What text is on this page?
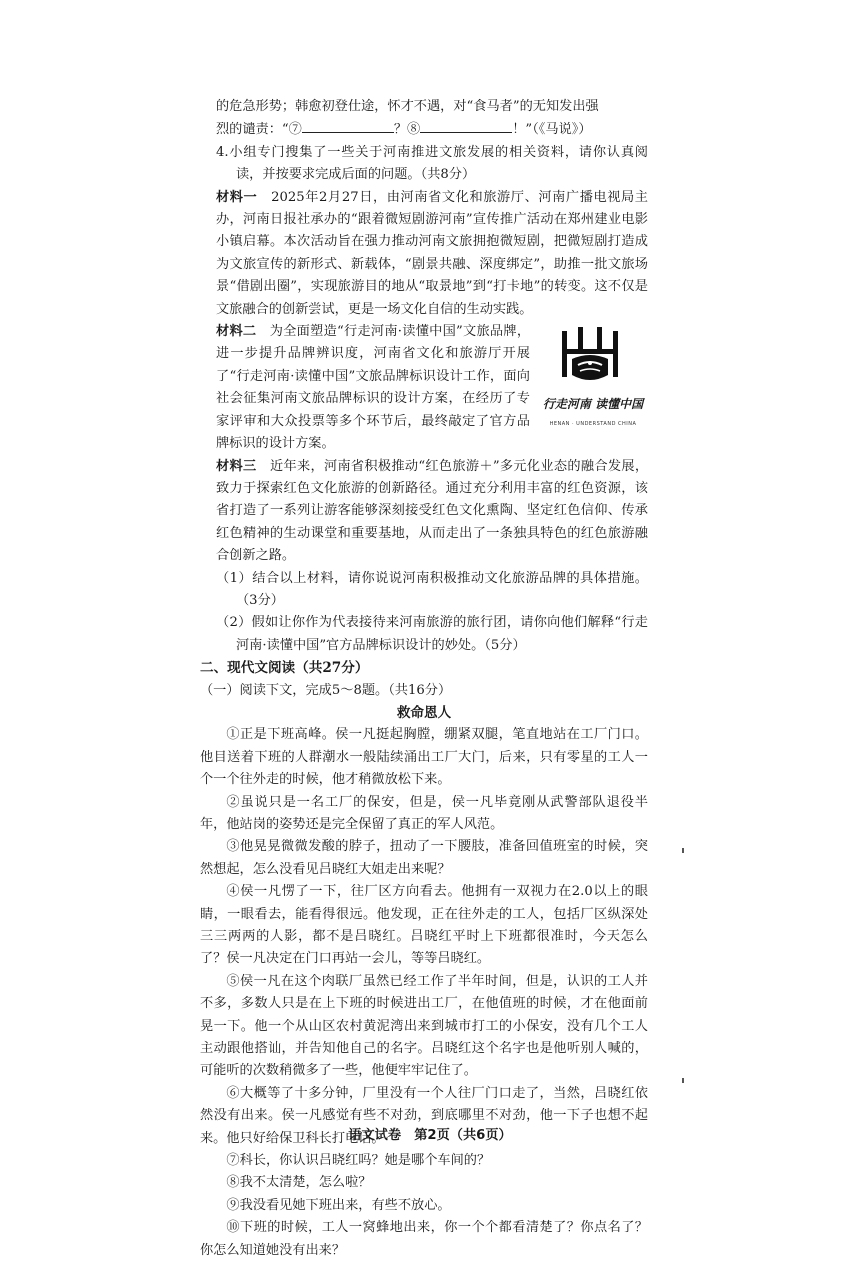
的危急形势；韩愈初登仕途，怀才不遇，对“食马者”的无知发出强

烈的谴责：“⑦	？⑧	！”（《马说》）

4.小组专门搜集了一些关于河南推进文旅发展的相关资料，请你认真阅读，并按要求完成后面的问题。（共8分）

材料一　 2025年2月27日，由河南省文化和旅游厅、河南广播电视局主办，河南日报社承办的“跟着微短剧游河南”宣传推广活动在郑州建业电影小镇启幕。本次活动旨在强力推动河南文旅拥抱微短剧，把微短剧打造成为文旅宣传的新形式、新载体，“剧景共融、深度绑定”，助推一批文旅场景“借剧出圈”，实现旅游目的地从“取景地”到“打卡地”的转变。这不仅是文旅融合的创新尝试，更是一场文化自信的生动实践。

行走河南 读懂中国
HENAN · UNDERSTAND CHINA
材料二　 为全面塑造“行走河南·读懂中国”文旅品牌，进一步提升品牌辨识度，河南省文化和旅游厅开展了“行走河南·读懂中国”文旅品牌标识设计工作，面向社会征集河南文旅品牌标识的设计方案，在经历了专家评审和大众投票等多个环节后，最终敲定了官方品牌标识的设计方案。

材料三　 近年来，河南省积极推动“红色旅游＋”多元化业态的融合发展，致力于探索红色文化旅游的创新路径。通过充分利用丰富的红色资源，该省打造了一系列让游客能够深刻接受红色文化熏陶、坚定红色信仰、传承红色精神的生动课堂和重要基地，从而走出了一条独具特色的红色旅游融合创新之路。

（1）结合以上材料，请你说说河南积极推动文化旅游品牌的具体措施。（3分）

（2）假如让你作为代表接待来河南旅游的旅行团，请你向他们解释“行走河南·读懂中国”官方品牌标识设计的妙处。（5分）

二、现代文阅读（共27分）

（一）阅读下文，完成5～8题。（共16分）

救命恩人

①正是下班高峰。侯一凡挺起胸膛，绷紧双腿，笔直地站在工厂门口。他目送着下班的人群潮水一般陆续涌出工厂大门，后来，只有零星的工人一个一个往外走的时候，他才稍微放松下来。

②虽说只是一名工厂的保安，但是，侯一凡毕竟刚从武警部队退役半年，他站岗的姿势还是完全保留了真正的军人风范。

③他晃晃微微发酸的脖子，扭动了一下腰肢，准备回值班室的时候，突然想起，怎么没看见吕晓红大姐走出来呢？

④侯一凡愣了一下，往厂区方向看去。他拥有一双视力在2.0以上的眼睛，一眼看去，能看得很远。他发现，正在往外走的工人，包括厂区纵深处三三两两的人影，都不是吕晓红。吕晓红平时上下班都很准时，今天怎么了？侯一凡决定在门口再站一会儿，等等吕晓红。

⑤侯一凡在这个肉联厂虽然已经工作了半年时间，但是，认识的工人并不多，多数人只是在上下班的时候进出工厂，在他值班的时候，才在他面前晃一下。他一个从山区农村黄泥湾出来到城市打工的小保安，没有几个工人主动跟他搭讪，并告知他自己的名字。吕晓红这个名字也是他听别人喊的，可能听的次数稍微多了一些，他便牢牢记住了。

⑥大概等了十多分钟，厂里没有一个人往厂门口走了，当然，吕晓红依然没有出来。侯一凡感觉有些不对劲，到底哪里不对劲，他一下子也想不起来。他只好给保卫科长打电话。

⑦科长，你认识吕晓红吗？她是哪个车间的？

⑧我不太清楚，怎么啦？

⑨我没看见她下班出来，有些不放心。

⑩下班的时候，工人一窝蜂地出来，你一个个都看清楚了？你点名了？你怎么知道她没有出来？

语文试卷　第2页（共6页）
